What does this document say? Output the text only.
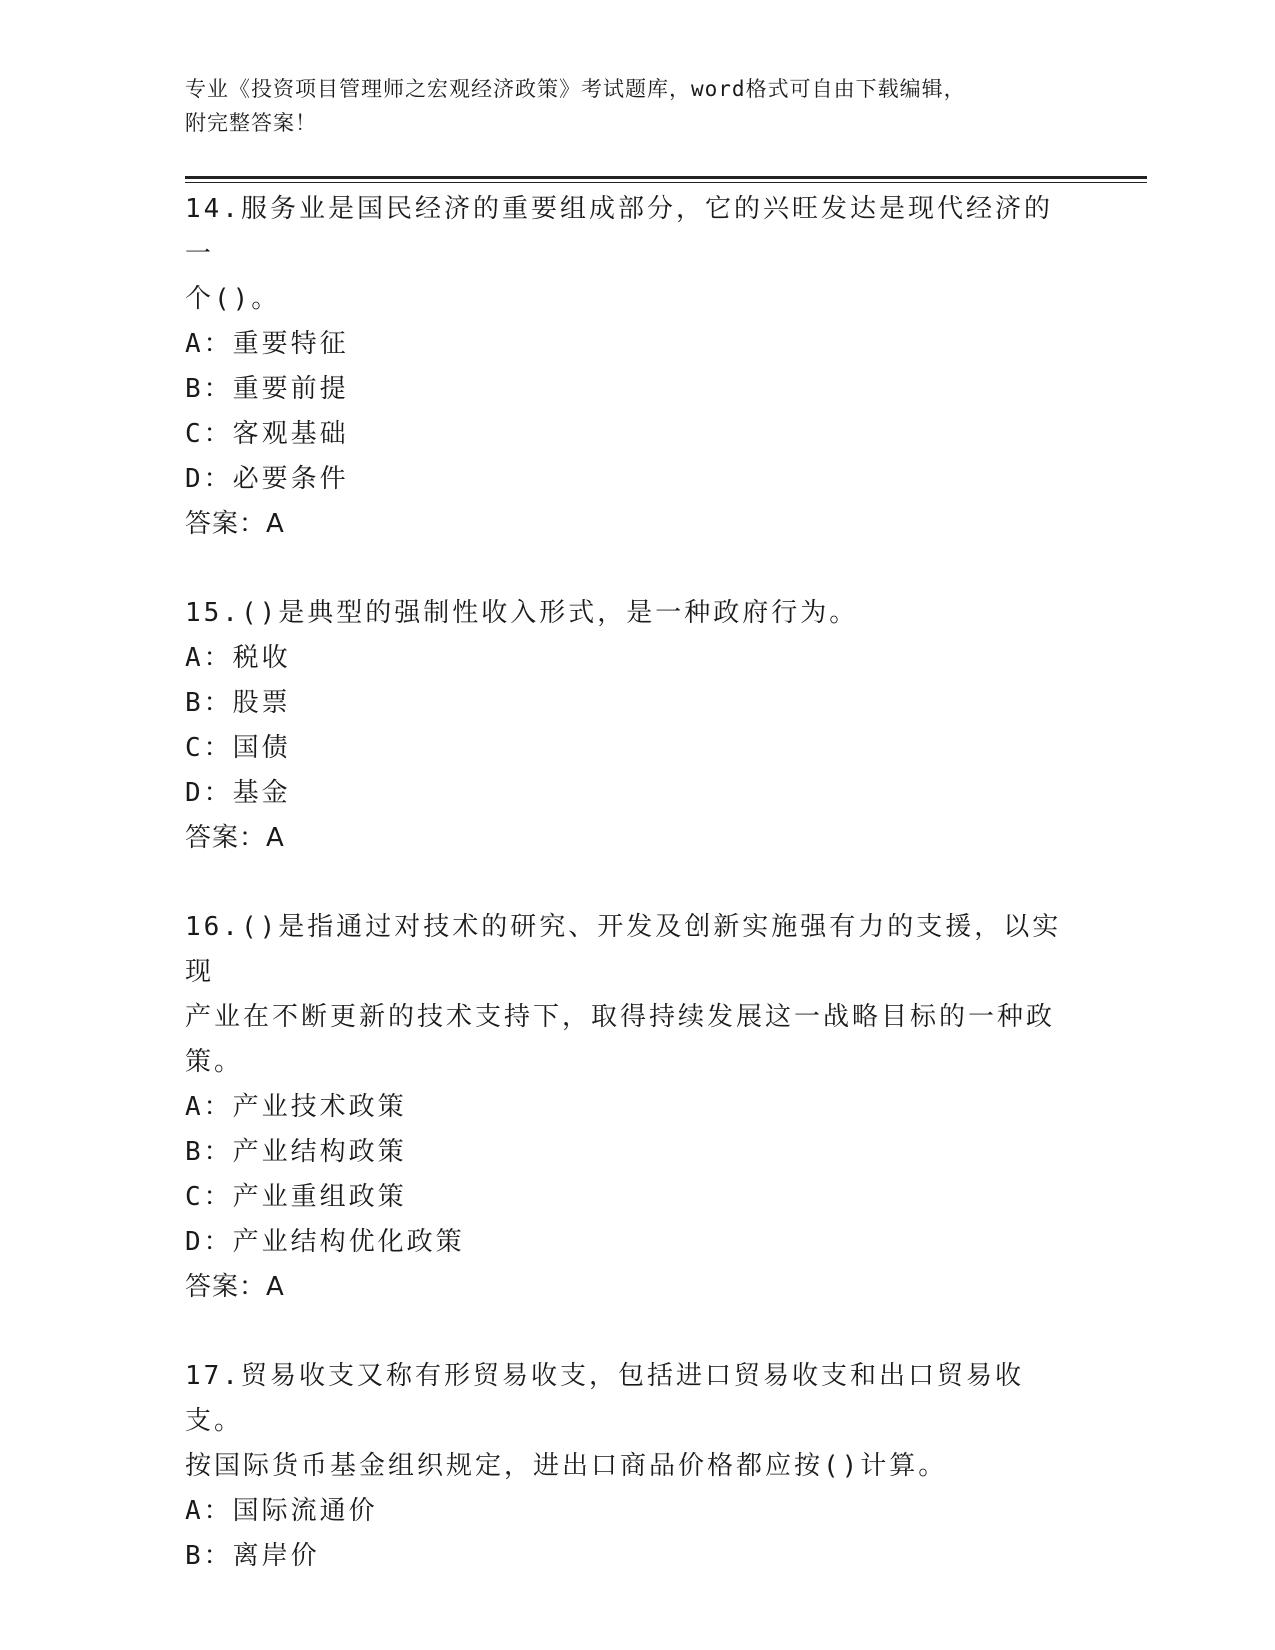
专业《投资项目管理师之宏观经济政策》考试题库，word格式可自由下载编辑，
附完整答案！
14.服务业是国民经济的重要组成部分，它的兴旺发达是现代经济的一
个()。
A：重要特征
B：重要前提
C：客观基础
D：必要条件
答案：A
15.()是典型的强制性收入形式，是一种政府行为。
A：税收
B：股票
C：国债
D：基金
答案：A
16.()是指通过对技术的研究、开发及创新实施强有力的支援，以实现
产业在不断更新的技术支持下，取得持续发展这一战略目标的一种政
策。
A：产业技术政策
B：产业结构政策
C：产业重组政策
D：产业结构优化政策
答案：A
17.贸易收支又称有形贸易收支，包括进口贸易收支和出口贸易收支。
按国际货币基金组织规定，进出口商品价格都应按()计算。
A：国际流通价
B：离岸价
